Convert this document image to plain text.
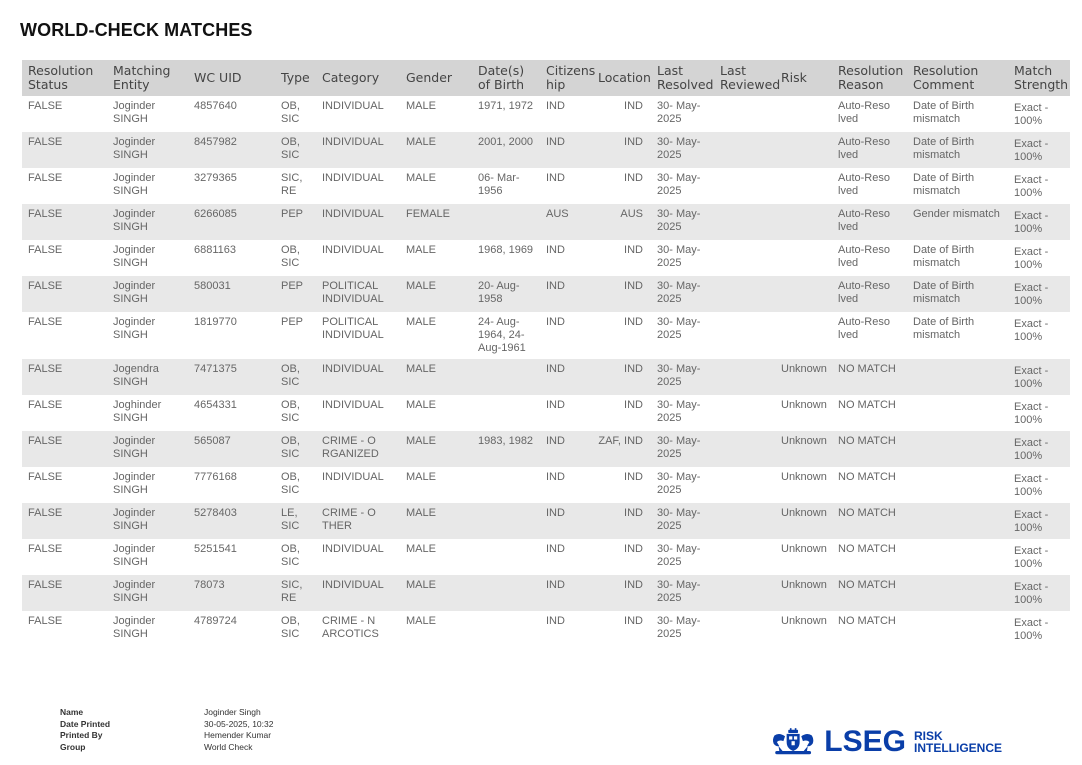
WORLD-CHECK MATCHES
Resolution Status	Matching Entity	WC UID	Type	Category	Gender	Date(s) of Birth	Citizens hip	Location	Last Resolved	Last Reviewed	Risk	Resolution Reason	Resolution Comment	Match Strength
FALSE	Joginder SINGH	4857640	OB, SIC	INDIVIDUAL	MALE	1971, 1972	IND	IND	30- May-2025			Auto-Reso lved	Date of Birth mismatch	Exact - 100%
FALSE	Joginder SINGH	8457982	OB, SIC	INDIVIDUAL	MALE	2001, 2000	IND	IND	30- May-2025			Auto-Reso lved	Date of Birth mismatch	Exact - 100%
FALSE	Joginder SINGH	3279365	SIC, RE	INDIVIDUAL	MALE	06- Mar-1956	IND	IND	30- May-2025			Auto-Reso lved	Date of Birth mismatch	Exact - 100%
FALSE	Joginder SINGH	6266085	PEP	INDIVIDUAL	FEMALE		AUS	AUS	30- May-2025			Auto-Reso lved	Gender mismatch	Exact - 100%
FALSE	Joginder SINGH	6881163	OB, SIC	INDIVIDUAL	MALE	1968, 1969	IND	IND	30- May-2025			Auto-Reso lved	Date of Birth mismatch	Exact - 100%
FALSE	Joginder SINGH	580031	PEP	POLITICAL INDIVIDUAL	MALE	20- Aug-1958	IND	IND	30- May-2025			Auto-Reso lved	Date of Birth mismatch	Exact - 100%
FALSE	Joginder SINGH	1819770	PEP	POLITICAL INDIVIDUAL	MALE	24- Aug-1964, 24- Aug-1961	IND	IND	30- May-2025			Auto-Reso lved	Date of Birth mismatch	Exact - 100%
FALSE	Jogendra SINGH	7471375	OB, SIC	INDIVIDUAL	MALE		IND	IND	30- May-2025		Unknown	NO MATCH		Exact - 100%
FALSE	Joghinder SINGH	4654331	OB, SIC	INDIVIDUAL	MALE		IND	IND	30- May-2025		Unknown	NO MATCH		Exact - 100%
FALSE	Joginder SINGH	565087	OB, SIC	CRIME - O RGANIZED	MALE	1983, 1982	IND	ZAF, IND	30- May-2025		Unknown	NO MATCH		Exact - 100%
FALSE	Joginder SINGH	7776168	OB, SIC	INDIVIDUAL	MALE		IND	IND	30- May-2025		Unknown	NO MATCH		Exact - 100%
FALSE	Joginder SINGH	5278403	LE, SIC	CRIME - O THER	MALE		IND	IND	30- May-2025		Unknown	NO MATCH		Exact - 100%
FALSE	Joginder SINGH	5251541	OB, SIC	INDIVIDUAL	MALE		IND	IND	30- May-2025		Unknown	NO MATCH		Exact - 100%
FALSE	Joginder SINGH	78073	SIC, RE	INDIVIDUAL	MALE		IND	IND	30- May-2025		Unknown	NO MATCH		Exact - 100%
FALSE	Joginder SINGH	4789724	OB, SIC	CRIME - N ARCOTICS	MALE		IND	IND	30- May-2025		Unknown	NO MATCH		Exact - 100%
Name	Joginder Singh
Date Printed	30-05-2025, 10:32
Printed By	Hemender Kumar
Group	World Check	LSEG RISK
INTELLIGENCE
